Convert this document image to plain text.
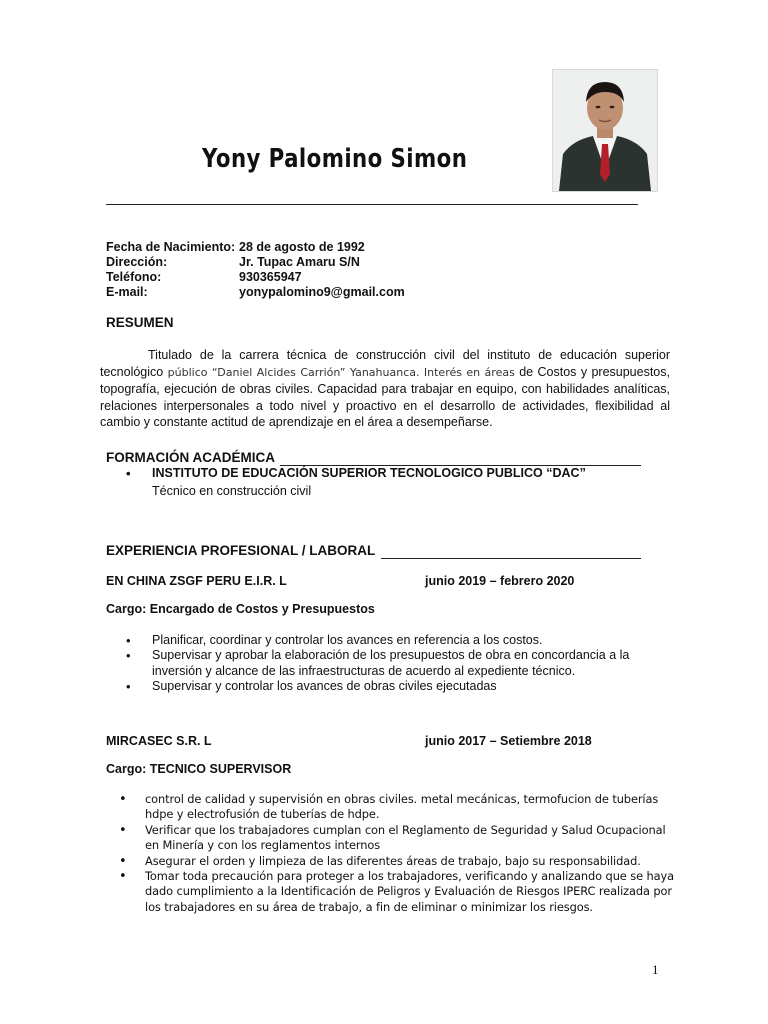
Yony Palomino Simon
Fecha de Nacimiento: 28 de agosto de 1992
Dirección:	Jr. Tupac Amaru S/N
Teléfono:	930365947
E-mail:	yonypalomino9@gmail.com
RESUMEN
Titulado de la carrera técnica de construcción civil del instituto de educación superior tecnológico público “Daniel Alcides Carrión” Yanahuanca. Interés en áreas de Costos y presupuestos, topografía, ejecución de obras civiles. Capacidad para trabajar en equipo, con habilidades analíticas, relaciones interpersonales a todo nivel y proactivo en el desarrollo de actividades, flexibilidad al cambio y constante actitud de aprendizaje en el área a desempeñarse.
FORMACIÓN ACADÉMICA
• INSTITUTO DE EDUCACIÓN SUPERIOR TECNOLOGICO PUBLICO “DAC”
Técnico en construcción civil
EXPERIENCIA PROFESIONAL / LABORAL
EN CHINA ZSGF PERU E.I.R. L	junio 2019 – febrero 2020
Cargo: Encargado de Costos y Presupuestos
• Planificar, coordinar y controlar los avances en referencia a los costos.
• Supervisar y aprobar la elaboración de los presupuestos de obra en concordancia a la inversión y alcance de las infraestructuras de acuerdo al expediente técnico.
• Supervisar y controlar los avances de obras civiles ejecutadas
MIRCASEC S.R. L	junio 2017 – Setiembre 2018
Cargo: TECNICO SUPERVISOR
• control de calidad y supervisión en obras civiles. metal mecánicas, termofucion de tuberías hdpe y electrofusión de tuberías de hdpe.
• Verificar que los trabajadores cumplan con el Reglamento de Seguridad y Salud Ocupacional en Minería y con los reglamentos internos
• Asegurar el orden y limpieza de las diferentes áreas de trabajo, bajo su responsabilidad.
• Tomar toda precaución para proteger a los trabajadores, verificando y analizando que se haya dado cumplimiento a la Identificación de Peligros y Evaluación de Riesgos IPERC realizada por los trabajadores en su área de trabajo, a fin de eliminar o minimizar los riesgos.
1
